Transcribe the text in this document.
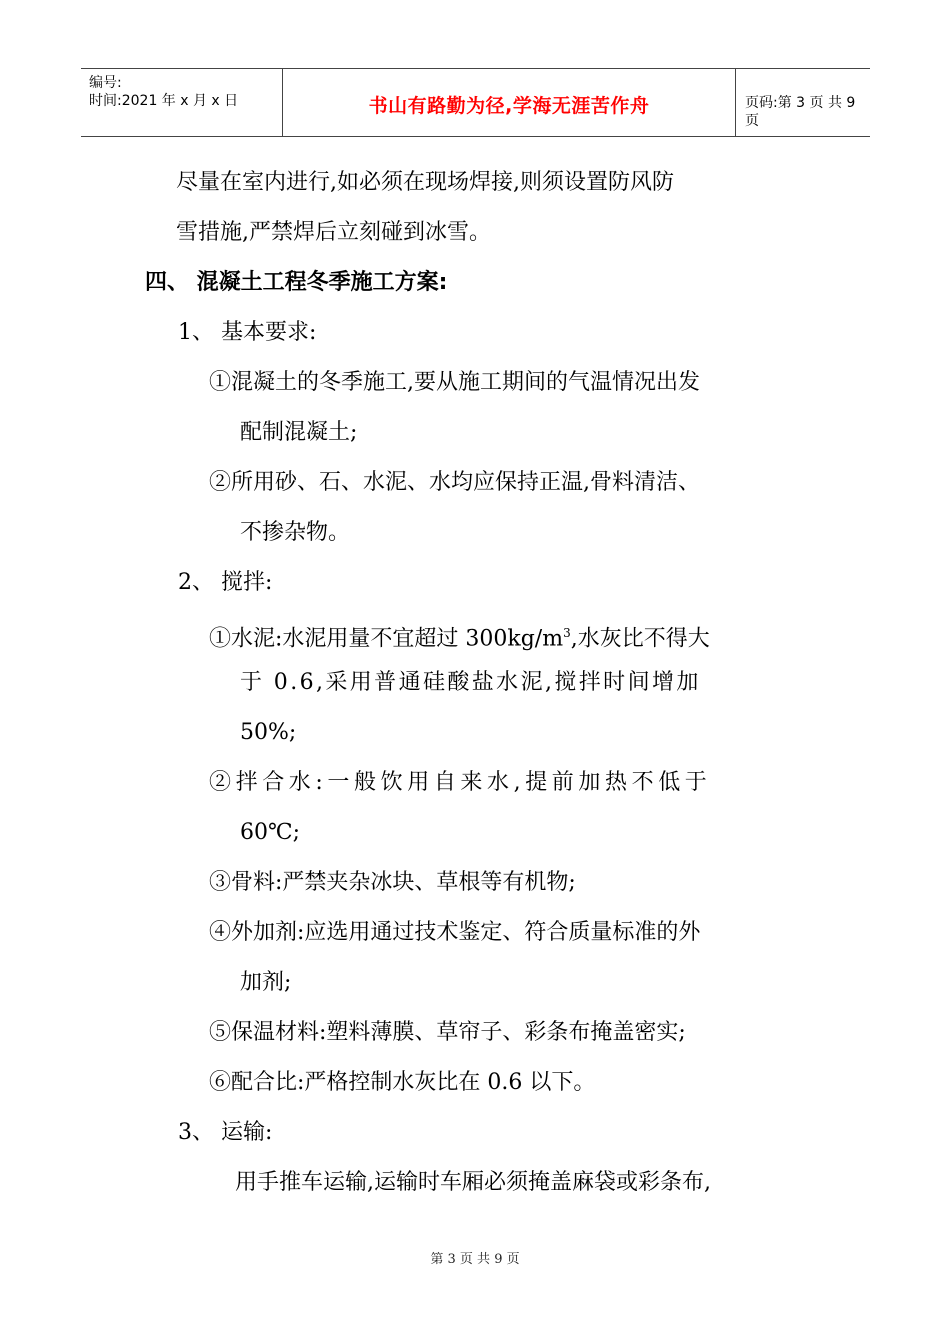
编号:
时间:2021 年 x 月 x 日	书山有路勤为径,学海无涯苦作舟	页码:第 3 页 共 9 页
尽量在室内进行,如必须在现场焊接,则须设置防风防
雪措施,严禁焊后立刻碰到冰雪。
四、 混凝土工程冬季施工方案:
1、 基本要求:
①混凝土的冬季施工,要从施工期间的气温情况出发
配制混凝土;
②所用砂、石、水泥、水均应保持正温,骨料清洁、
不掺杂物。
2、 搅拌:
①水泥:水泥用量不宜超过 $300kg/m^3$,水灰比不得大
于 0.6,采用普通硅酸盐水泥,搅拌时间增加
50%;
②拌合水:一般饮用自来水,提前加热不低于
60℃;
③骨料:严禁夹杂冰块、草根等有机物;
④外加剂:应选用通过技术鉴定、符合质量标准的外
加剂;
⑤保温材料:塑料薄膜、草帘子、彩条布掩盖密实;
⑥配合比:严格控制水灰比在 0.6 以下。
3、 运输:
用手推车运输,运输时车厢必须掩盖麻袋或彩条布,
第 3 页 共 9 页
